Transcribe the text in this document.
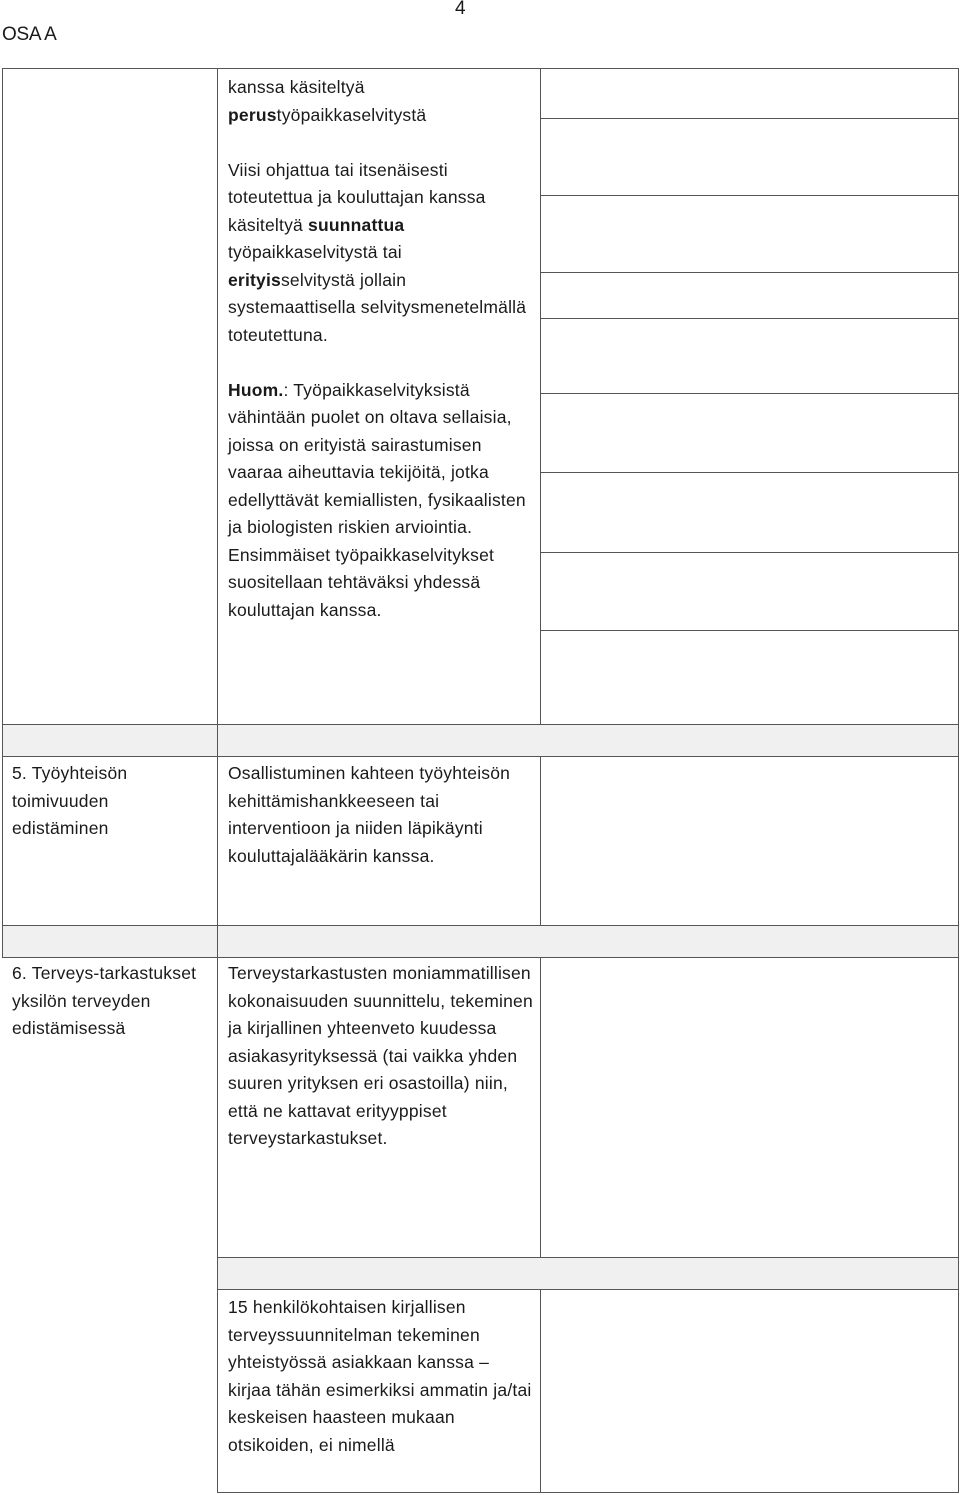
4
OSA A

kanssa käsiteltyä perustyöpaikkaselvitystä

Viisi ohjattua tai itsenäisesti toteutettua ja kouluttajan kanssa käsiteltyä suunnattua työpaikkaselvitystä tai erityisselvitystä jollain systemaattisella selvitysmenetelmällä toteutettuna.

Huom.: Työpaikkaselvityksistä vähintään puolet on oltava sellaisia, joissa on erityistä sairastumisen vaaraa aiheuttavia tekijöitä, jotka edellyttävät kemiallisten, fysikaalisten ja biologisten riskien arviointia. Ensimmäiset työpaikkaselvitykset suositellaan tehtäväksi yhdessä kouluttajan kanssa.

5. Työyhteisön toimivuuden edistäminen
Osallistuminen kahteen työyhteisön kehittämishankkeeseen tai interventioon ja niiden läpikäynti kouluttajalääkärin kanssa.
6. Terveys-tarkastukset yksilön terveyden edistämisessä
Terveystarkastusten moniammatillisen kokonaisuuden suunnittelu, tekeminen ja kirjallinen yhteenveto kuudessa asiakasyrityksessä (tai vaikka yhden suuren yrityksen eri osastoilla) niin, että ne kattavat erityyppiset terveystarkastukset.
15 henkilökohtaisen kirjallisen terveyssuunnitelman tekeminen yhteistyössä asiakkaan kanssa – kirjaa tähän esimerkiksi ammatin ja/tai keskeisen haasteen mukaan otsikoiden, ei nimellä
